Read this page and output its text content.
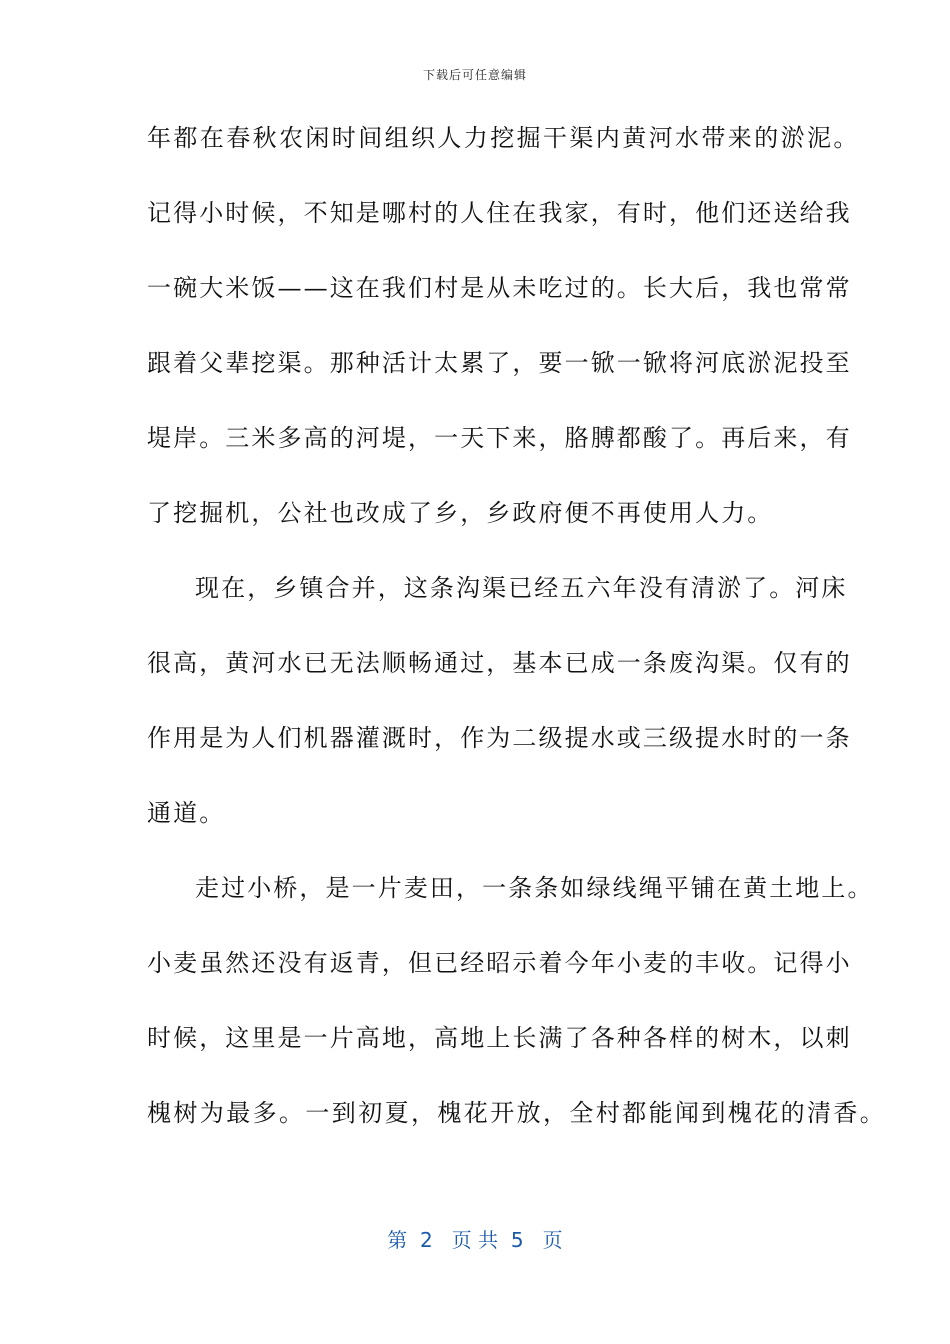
下载后可任意编辑
年都在春秋农闲时间组织人力挖掘干渠内黄河水带来的淤泥。
记得小时候，不知是哪村的人住在我家，有时，他们还送给我
一碗大米饭——这在我们村是从未吃过的。长大后，我也常常
跟着父辈挖渠。那种活计太累了，要一锨一锨将河底淤泥投至
堤岸。三米多高的河堤，一天下来，胳膊都酸了。再后来，有
了挖掘机，公社也改成了乡，乡政府便不再使用人力。
现在，乡镇合并，这条沟渠已经五六年没有清淤了。河床
很高，黄河水已无法顺畅通过，基本已成一条废沟渠。仅有的
作用是为人们机器灌溉时，作为二级提水或三级提水时的一条
通道。
走过小桥，是一片麦田，一条条如绿线绳平铺在黄土地上。
小麦虽然还没有返青，但已经昭示着今年小麦的丰收。记得小
时候，这里是一片高地，高地上长满了各种各样的树木，以刺
槐树为最多。一到初夏，槐花开放，全村都能闻到槐花的清香。
第  2   页 共  5   页
